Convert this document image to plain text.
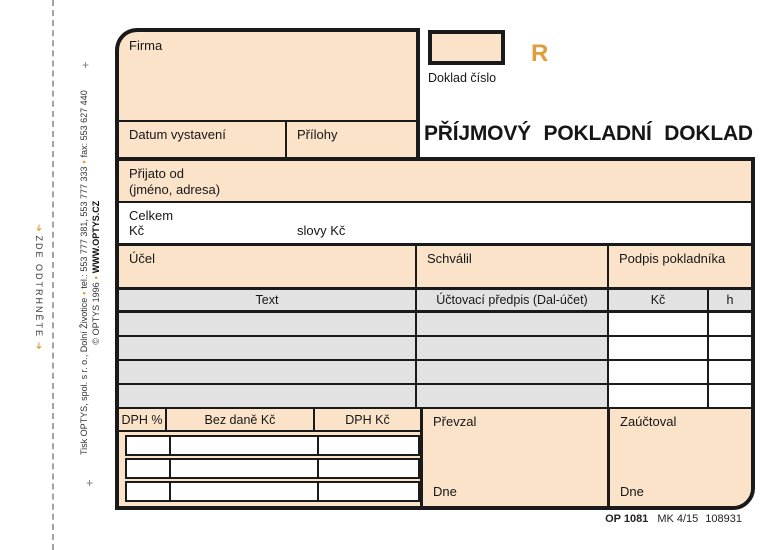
➔ZDE ODTRHNĚTE➔	Tisk OPTYS, spol. s r. o., Dolní Životice•tel.: 553 777 381, 553 777 333•fax: 553 627 440
© OPTYS 1996•WWW.OPTYS.CZ
+
+
Firma
Datum vystavení	Přílohy
Doklad číslo
R
PŘÍJMOVÝ POKLADNÍ DOKLAD
Přijato od
(jméno, adresa)
Celkem
Kč	slovy Kč
Účel	Schválil	Podpis pokladníka
Text	Účtovací předpis (Dal-účet)	Kč	h
DPH %	Bez daně Kč	DPH Kč	Převzal
Dne
Zaúčtoval
Dne
OP 1081 MK 4/15 108931
